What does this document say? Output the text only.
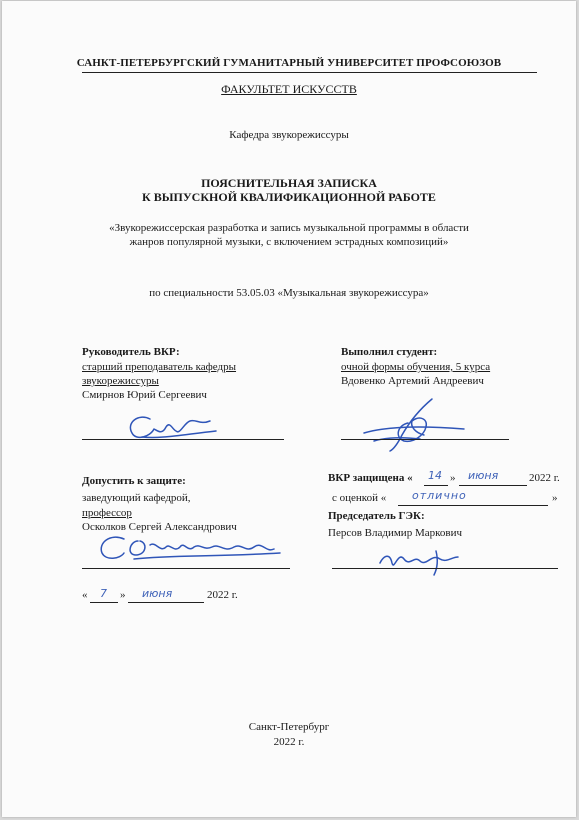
САНКТ-ПЕТЕРБУРГСКИЙ ГУМАНИТАРНЫЙ УНИВЕРСИТЕТ ПРОФСОЮЗОВ
ФАКУЛЬТЕТ ИСКУССТВ
Кафедра звукорежиссуры
ПОЯСНИТЕЛЬНАЯ ЗАПИСКА
К ВЫПУСКНОЙ КВАЛИФИКАЦИОННОЙ РАБОТЕ
«Звукорежиссерская разработка и запись музыкальной программы в области
жанров популярной музыки, с включением эстрадных композиций»
по специальности 53.05.03 «Музыкальная звукорежиссура»
Руководитель ВКР:
старший преподаватель кафедры
звукорежиссуры
Смирнов Юрий Сергеевич
Выполнил студент:
очной формы обучения, 5 курса
Вдовенко Артемий Андреевич
Допустить к защите:
заведующий кафедрой,
профессор
Осколков Сергей Александрович
« 7 » июня	2022 г.
ВКР защищена « 14 » июня	2022 г.
с оценкой « отлично	»
Председатель ГЭК:
Персов Владимир Маркович
Санкт-Петербург
2022 г.
